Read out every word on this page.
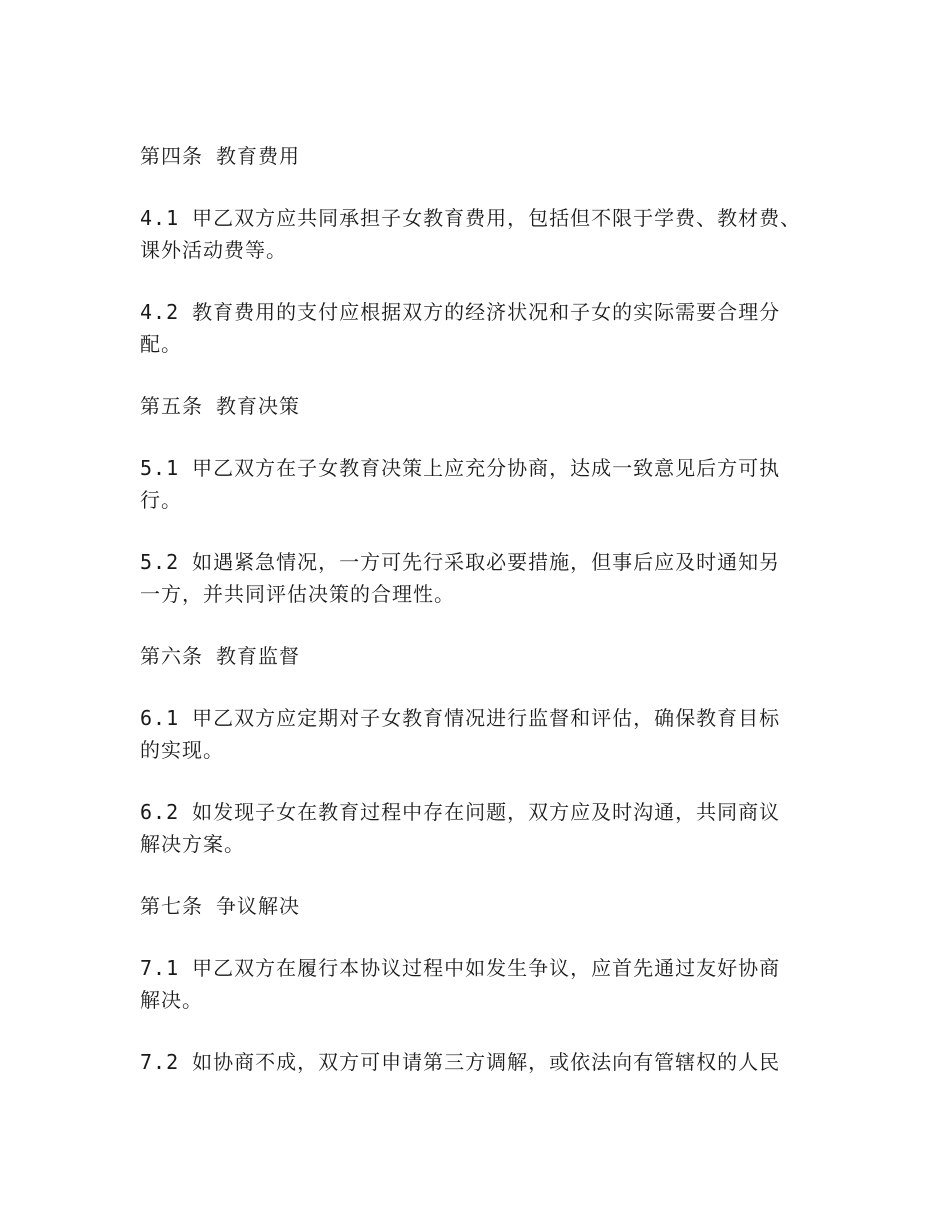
第四条 教育费用

4.1 甲乙双方应共同承担子女教育费用，包括但不限于学费、教材费、

课外活动费等。

4.2 教育费用的支付应根据双方的经济状况和子女的实际需要合理分

配。

第五条 教育决策

5.1 甲乙双方在子女教育决策上应充分协商，达成一致意见后方可执

行。

5.2 如遇紧急情况，一方可先行采取必要措施，但事后应及时通知另

一方，并共同评估决策的合理性。

第六条 教育监督

6.1 甲乙双方应定期对子女教育情况进行监督和评估，确保教育目标

的实现。

6.2 如发现子女在教育过程中存在问题，双方应及时沟通，共同商议

解决方案。

第七条 争议解决

7.1 甲乙双方在履行本协议过程中如发生争议，应首先通过友好协商

解决。

7.2 如协商不成，双方可申请第三方调解，或依法向有管辖权的人民
